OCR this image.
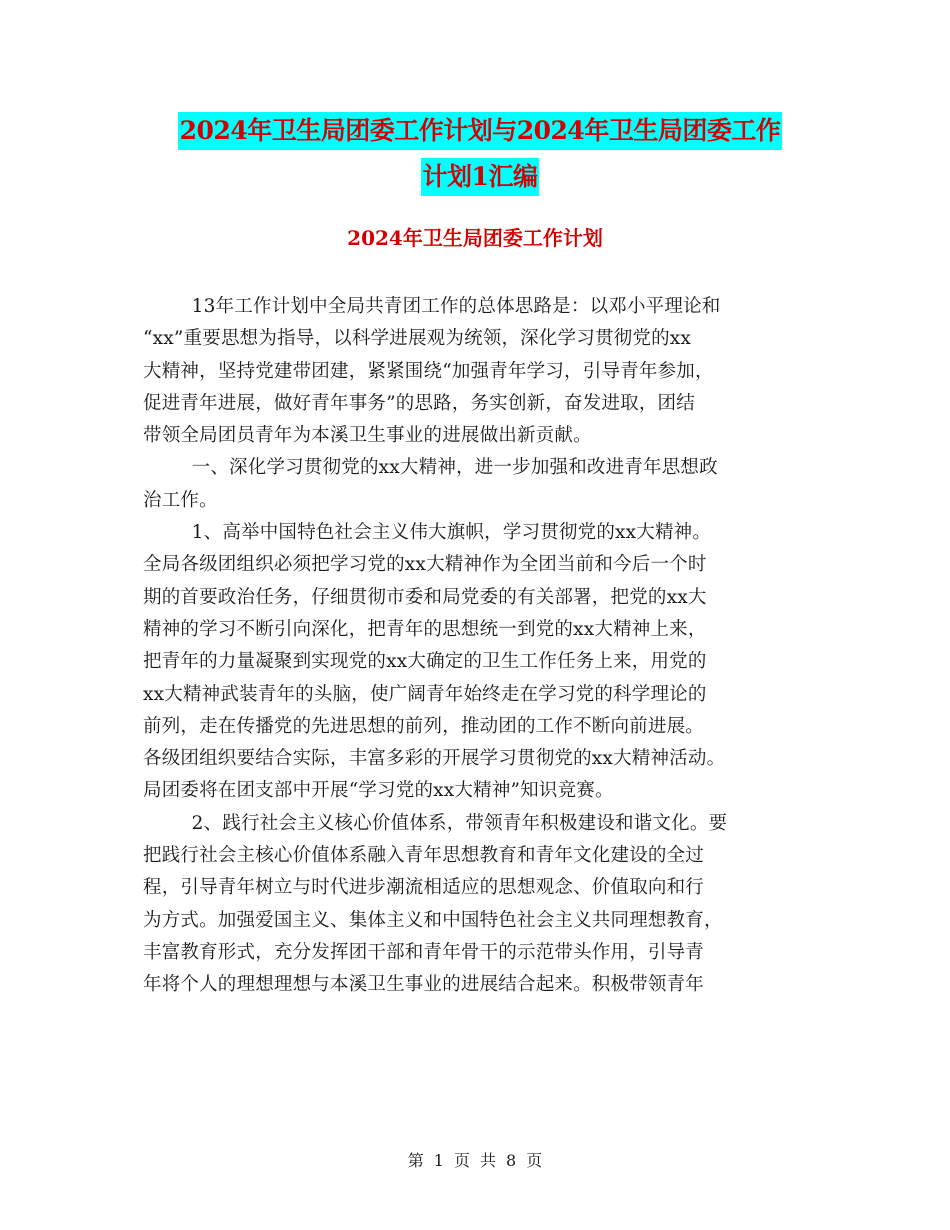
2024年卫生局团委工作计划与2024年卫生局团委工作
计划1汇编
2024年卫生局团委工作计划

13年工作计划中全局共青团工作的总体思路是：以邓小平理论和

“xx”重要思想为指导，以科学进展观为统领，深化学习贯彻党的xx

大精神，坚持党建带团建，紧紧围绕“加强青年学习，引导青年参加，

促进青年进展，做好青年事务”的思路，务实创新，奋发进取，团结

带领全局团员青年为本溪卫生事业的进展做出新贡献。

一、深化学习贯彻党的xx大精神，进一步加强和改进青年思想政

治工作。

1、高举中国特色社会主义伟大旗帜，学习贯彻党的xx大精神。

全局各级团组织必须把学习党的xx大精神作为全团当前和今后一个时

期的首要政治任务，仔细贯彻市委和局党委的有关部署，把党的xx大

精神的学习不断引向深化，把青年的思想统一到党的xx大精神上来，

把青年的力量凝聚到实现党的xx大确定的卫生工作任务上来，用党的

xx大精神武装青年的头脑，使广阔青年始终走在学习党的科学理论的

前列，走在传播党的先进思想的前列，推动团的工作不断向前进展。

各级团组织要结合实际，丰富多彩的开展学习贯彻党的xx大精神活动。

局团委将在团支部中开展“学习党的xx大精神”知识竞赛。

2、践行社会主义核心价值体系，带领青年积极建设和谐文化。要

把践行社会主核心价值体系融入青年思想教育和青年文化建设的全过

程，引导青年树立与时代进步潮流相适应的思想观念、价值取向和行

为方式。加强爱国主义、集体主义和中国特色社会主义共同理想教育，

丰富教育形式，充分发挥团干部和青年骨干的示范带头作用，引导青

年将个人的理想理想与本溪卫生事业的进展结合起来。积极带领青年

第 1 页 共 8 页
